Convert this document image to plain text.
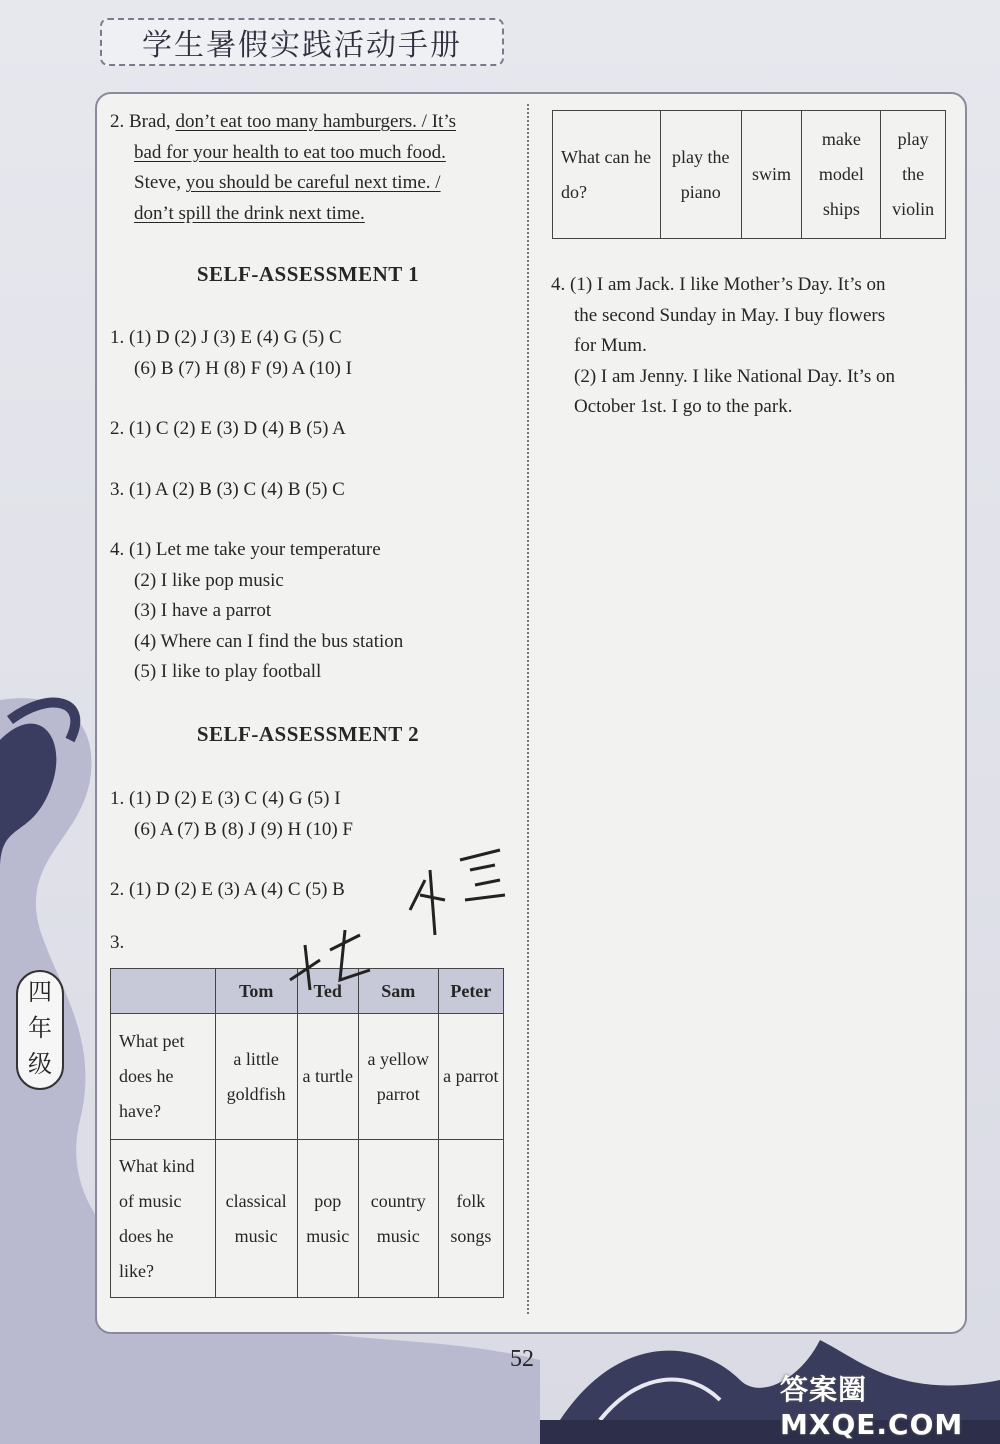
学生暑假实践活动手册
四
年
级

2. Brad, don’t eat too many hamburgers. / It’s

bad for your health to eat too much food.

Steve, you should be careful next time. /

don’t spill the drink next time.

SELF-ASSESSMENT 1

1. (1) D (2) J (3) E (4) G (5) C

(6) B (7) H (8) F (9) A (10) I

2. (1) C (2) E (3) D (4) B (5) A

3. (1) A (2) B (3) C (4) B (5) C

4. (1) Let me take your temperature

(2) I like pop music

(3) I have a parrot

(4) Where can I find the bus station

(5) I like to play football

SELF-ASSESSMENT 2

1. (1) D (2) E (3) C (4) G (5) I

(6) A (7) B (8) J (9) H (10) F

2. (1) D (2) E (3) A (4) C (5) B

3.

	Tom	Ted	Sam	Peter
What pet does he have?	a little goldfish	a turtle	a yellow parrot	a parrot
What kind of music does he like?	classical music	pop music	country music	folk songs
What can he do?	play the piano	swim	make model ships	play the violin

4. (1) I am Jack. I like Mother’s Day. It’s on

the second Sunday in May. I buy flowers

for Mum.

(2) I am Jenny. I like National Day. It’s on

October 1st. I go to the park.

52
答案圈 MXQE.COM
